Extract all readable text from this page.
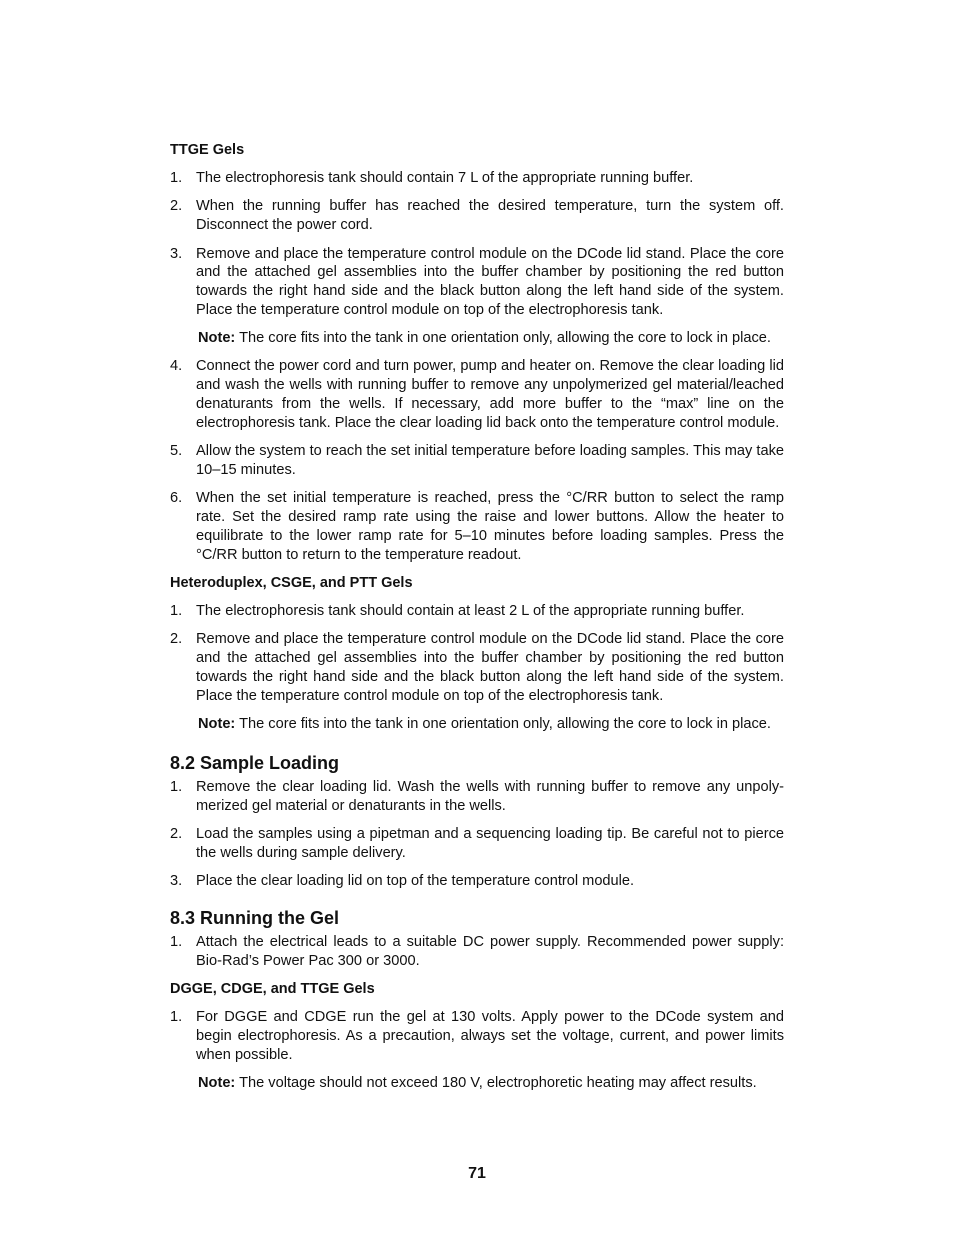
TTGE Gels
1. The electrophoresis tank should contain 7 L of the appropriate running buffer.
2. When the running buffer has reached the desired temperature, turn the system off. Disconnect the power cord.
3. Remove and place the temperature control module on the DCode lid stand. Place the core and the attached gel assemblies into the buffer chamber by positioning the red button towards the right hand side and the black button along the left hand side of the system. Place the temperature control module on top of the electrophoresis tank.

Note: The core fits into the tank in one orientation only, allowing the core to lock in place.

4. Connect the power cord and turn power, pump and heater on. Remove the clear loading lid and wash the wells with running buffer to remove any unpolymerized gel material/leached denaturants from the wells. If necessary, add more buffer to the “max” line on the electrophoresis tank. Place the clear loading lid back onto the temperature control module.
5. Allow the system to reach the set initial temperature before loading samples. This may take 10–15 minutes.
6. When the set initial temperature is reached, press the °C/RR button to select the ramp rate. Set the desired ramp rate using the raise and lower buttons. Allow the heater to equilibrate to the lower ramp rate for 5–10 minutes before loading samples. Press the °C/RR button to return to the temperature readout.
Heteroduplex, CSGE, and PTT Gels
1. The electrophoresis tank should contain at least 2 L of the appropriate running buffer.
2. Remove and place the temperature control module on the DCode lid stand. Place the core and the attached gel assemblies into the buffer chamber by positioning the red button towards the right hand side and the black button along the left hand side of the system. Place the temperature control module on top of the electrophoresis tank.

Note: The core fits into the tank in one orientation only, allowing the core to lock in place.

8.2 Sample Loading
1. Remove the clear loading lid. Wash the wells with running buffer to remove any unpoly-merized gel material or denaturants in the wells.
2. Load the samples using a pipetman and a sequencing loading tip. Be careful not to pierce the wells during sample delivery.
3. Place the clear loading lid on top of the temperature control module.
8.3 Running the Gel
1. Attach the electrical leads to a suitable DC power supply. Recommended power supply: Bio-Rad’s Power Pac 300 or 3000.
DGGE, CDGE, and TTGE Gels
1. For DGGE and CDGE run the gel at 130 volts. Apply power to the DCode system and begin electrophoresis. As a precaution, always set the voltage, current, and power limits when possible.

Note: The voltage should not exceed 180 V, electrophoretic heating may affect results.

71
